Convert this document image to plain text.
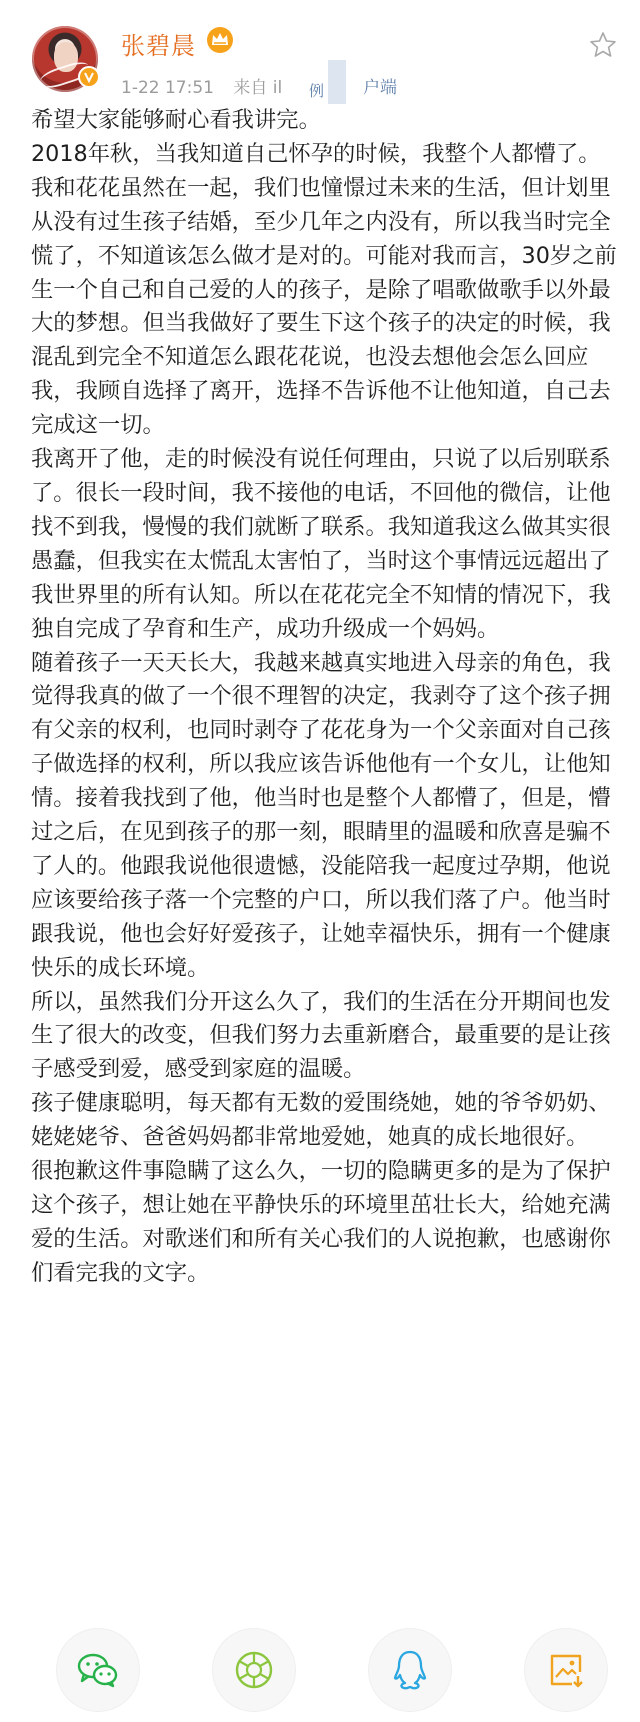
张碧晨
1-22 17:51 来自 il 例 户端

希望大家能够耐心看我讲完。

2018年秋，当我知道自己怀孕的时候，我整个人都懵了。我和花花虽然在一起，我们也憧憬过未来的生活，但计划里从没有过生孩子结婚，至少几年之内没有，所以我当时完全慌了，不知道该怎么做才是对的。可能对我而言，30岁之前生一个自己和自己爱的人的孩子，是除了唱歌做歌手以外最大的梦想。但当我做好了要生下这个孩子的决定的时候，我混乱到完全不知道怎么跟花花说，也没去想他会怎么回应我，我顾自选择了离开，选择不告诉他不让他知道，自己去完成这一切。

我离开了他，走的时候没有说任何理由，只说了以后别联系了。很长一段时间，我不接他的电话，不回他的微信，让他找不到我，慢慢的我们就断了联系。我知道我这么做其实很愚蠢，但我实在太慌乱太害怕了，当时这个事情远远超出了我世界里的所有认知。所以在花花完全不知情的情况下，我独自完成了孕育和生产，成功升级成一个妈妈。

随着孩子一天天长大，我越来越真实地进入母亲的角色，我觉得我真的做了一个很不理智的决定，我剥夺了这个孩子拥有父亲的权利，也同时剥夺了花花身为一个父亲面对自己孩子做选择的权利，所以我应该告诉他他有一个女儿，让他知情。接着我找到了他，他当时也是整个人都懵了，但是，懵过之后，在见到孩子的那一刻，眼睛里的温暖和欣喜是骗不了人的。他跟我说他很遗憾，没能陪我一起度过孕期，他说应该要给孩子落一个完整的户口，所以我们落了户。他当时跟我说，他也会好好爱孩子，让她幸福快乐，拥有一个健康快乐的成长环境。

所以，虽然我们分开这么久了，我们的生活在分开期间也发生了很大的改变，但我们努力去重新磨合，最重要的是让孩子感受到爱，感受到家庭的温暖。

孩子健康聪明，每天都有无数的爱围绕她，她的爷爷奶奶、姥姥姥爷、爸爸妈妈都非常地爱她，她真的成长地很好。

很抱歉这件事隐瞒了这么久，一切的隐瞒更多的是为了保护这个孩子，想让她在平静快乐的环境里茁壮长大，给她充满爱的生活。对歌迷们和所有关心我们的人说抱歉，也感谢你们看完我的文字。
